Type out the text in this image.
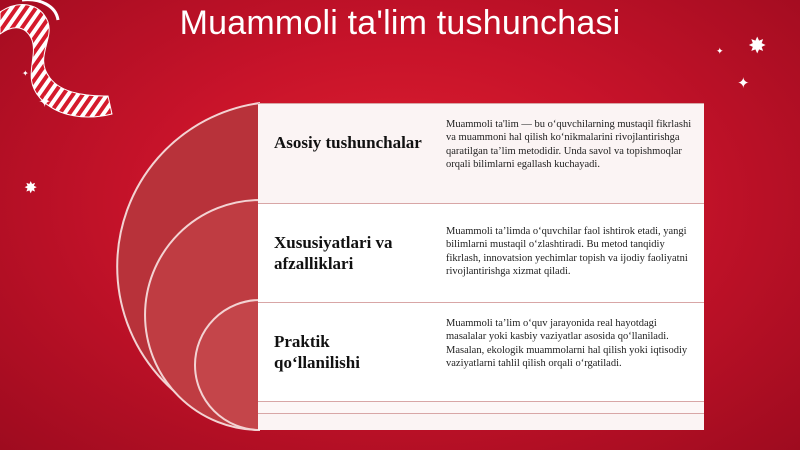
Muammoli ta'lim tushunchasi
✦
✦
✸
✦ ✸
✦
Asosiy tushunchalar
Muammoli ta'lim — bu o‘quvchilarning mustaqil fikrlashi va muammoni hal qilish ko‘nikmalarini rivojlantirishga qaratilgan ta’lim metodidir. Unda savol va topishmoqlar orqali bilimlarni egallash kuchayadi.
Xususiyatlari va afzalliklari
Muammoli ta’limda o‘quvchilar faol ishtirok etadi, yangi bilimlarni mustaqil o‘zlashtiradi. Bu metod tanqidiy fikrlash, innovatsion yechimlar topish va ijodiy faoliyatni rivojlantirishga xizmat qiladi.
Praktik qo‘llanilishi
Muammoli ta’lim o‘quv jarayonida real hayotdagi masalalar yoki kasbiy vaziyatlar asosida qo‘llaniladi. Masalan, ekologik muammolarni hal qilish yoki iqtisodiy vaziyatlarni tahlil qilish orqali o‘rgatiladi.
